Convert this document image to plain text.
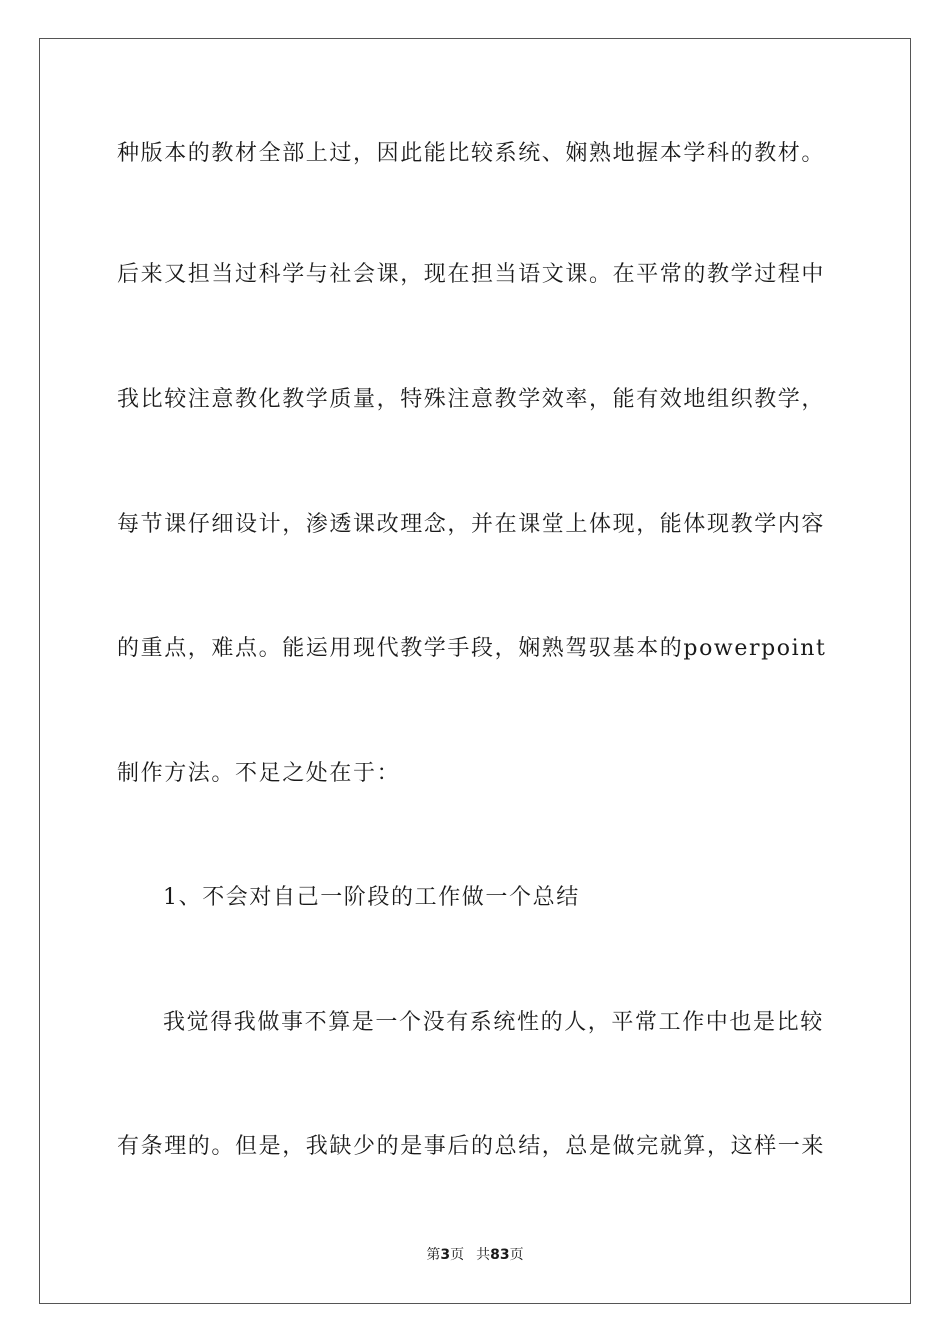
种版本的教材全部上过，因此能比较系统、娴熟地握本学科的教材。
后来又担当过科学与社会课，现在担当语文课。在平常的教学过程中
我比较注意教化教学质量，特殊注意教学效率，能有效地组织教学，
每节课仔细设计，渗透课改理念，并在课堂上体现，能体现教学内容
的重点，难点。能运用现代教学手段，娴熟驾驭基本的powerpoint
制作方法。不足之处在于：
1、不会对自己一阶段的工作做一个总结
我觉得我做事不算是一个没有系统性的人，平常工作中也是比较
有条理的。但是，我缺少的是事后的总结，总是做完就算，这样一来
第3页 共83页
